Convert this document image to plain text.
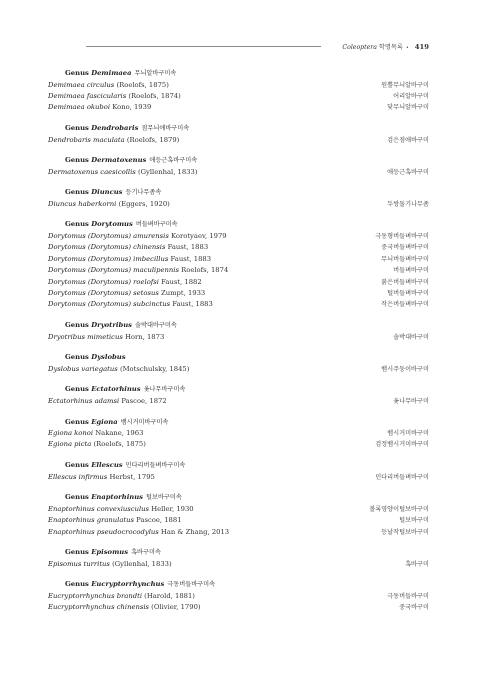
Coleoptera 학명목록 • 419
Genus Demimaea 무늬알바구미속
Demimaea circulus (Roelofs, 1875)	원뿔무늬알바구미
Demimaea fascicularis (Roelofs, 1874)	어리알바구미
Demimaea okuboi Kono, 1939	닻무늬알바구미
Genus Dendrobaris 점무늬애바구미속
Dendrobaris maculata (Roelofs, 1879)	검은점애바구미
Genus Dermatoxenus 애등근혹바구미속
Dermatoxenus caesicollis (Gyllenhal, 1833)	애등근혹바구미
Genus Diuncus 등기나무좀속
Diuncus haberkorni (Eggers, 1920)	두쌍돌기나무좀
Genus Dorytomus 버들벼바구미속
Dorytomus (Dorytomus) amurensis Korotyaev, 1979	극동형버들벼바구미
Dorytomus (Dorytomus) chinensis Faust, 1883	중국버들벼바구미
Dorytomus (Dorytomus) imbecillus Faust, 1883	무늬버들벼바구미
Dorytomus (Dorytomus) maculipennis Roelofs, 1874	버들벼바구미
Dorytomus (Dorytomus) roelofsi Faust, 1882	붉은버들벼바구미
Dorytomus (Dorytomus) setosus Zumpt, 1933	털버들벼바구미
Dorytomus (Dorytomus) subcinctus Faust, 1883	작은버들벼바구미
Genus Dryotribus 솔박대바구미속
Dryotribus mimeticus Horn, 1873	솔박대바구미
Genus Dyslobus
Dyslobus variegatus (Motschulsky, 1845)	뱀시주둥이바구미
Genus Ectatorhinus 옻나무바구미속
Ectatorhinus adamsi Pascoe, 1872	옻나무바구미
Genus Egiona 뱀시거미바구미속
Egiona konoi Nakane, 1963	뱀시거미바구미
Egiona picta (Roelofs, 1875)	검정뱀시거미바구미
Genus Ellescus 민다리버들벼바구미속
Ellescus infirmus Herbst, 1795	민다리버들벼바구미
Genus Enaptorhinus 털보바구미속
Enaptorhinus convexiusculus Heller, 1930	볼록영양이털보바구미
Enaptorhinus granulatus Pascoe, 1881	털보바구미
Enaptorhinus pseudocrocodylus Han & Zhang, 2013	등날작털보바구미
Genus Episomus 혹바구미속
Episomus turritus (Gyllenhal, 1833)	혹바구미
Genus Eucryptorrhynchus 극동버들바구미속
Eucryptorrhynchus brandti (Harold, 1881)	극동버들바구미
Eucryptorrhynchus chinensis (Olivier, 1790)	중국바구미
